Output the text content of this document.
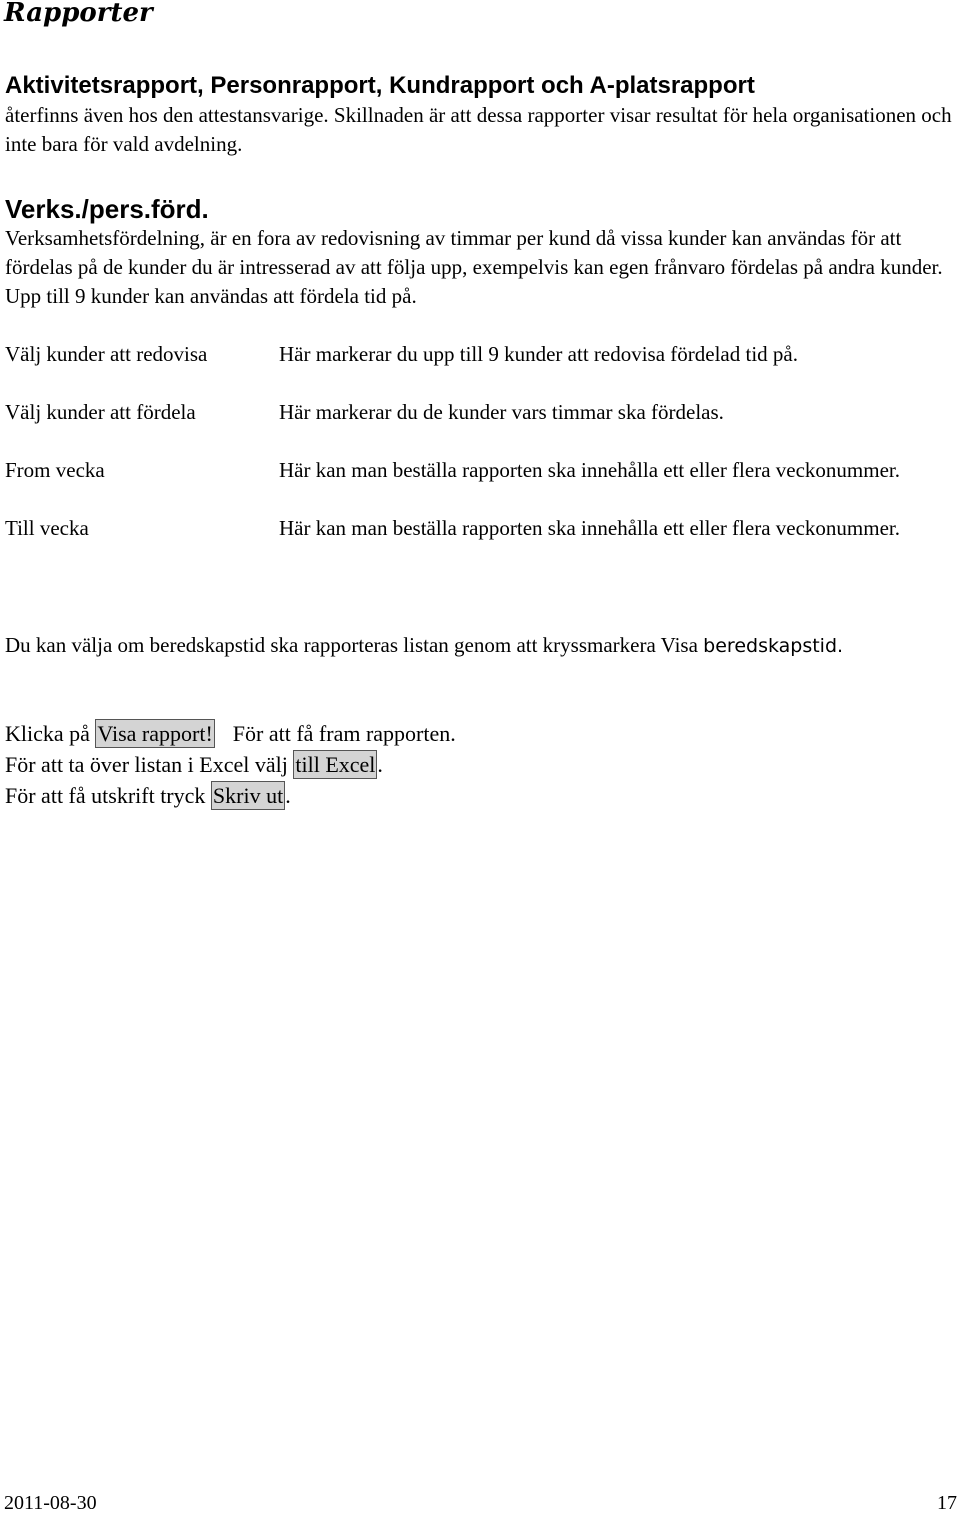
Rapporter
Aktivitetsrapport, Personrapport, Kundrapport och A-platsrapport

återfinns även hos den attestansvarige. Skillnaden är att dessa rapporter visar resultat för hela organisationen och inte bara för vald avdelning.

Verks./pers.förd.

Verksamhetsfördelning, är en fora av redovisning av timmar per kund då vissa kunder kan användas för att fördelas på de kunder du är intresserad av att följa upp, exempelvis kan egen frånvaro fördelas på andra kunder. Upp till 9 kunder kan användas att fördela tid på.

Välj kunder att redovisa	Här markerar du upp till 9 kunder att redovisa fördelad tid på.
Välj kunder att fördela	Här markerar du de kunder vars timmar ska fördelas.
From vecka	Här kan man beställa rapporten ska innehålla ett eller flera veckonummer.
Till vecka	Här kan man beställa rapporten ska innehålla ett eller flera veckonummer.

Du kan välja om beredskapstid ska rapporteras listan genom att kryssmarkera Visa beredskapstid.

Klicka på Visa rapport! För att få fram rapporten.
För att ta över listan i Excel välj till Excel.
För att få utskrift tryck Skriv ut.
2011-08-30	17
